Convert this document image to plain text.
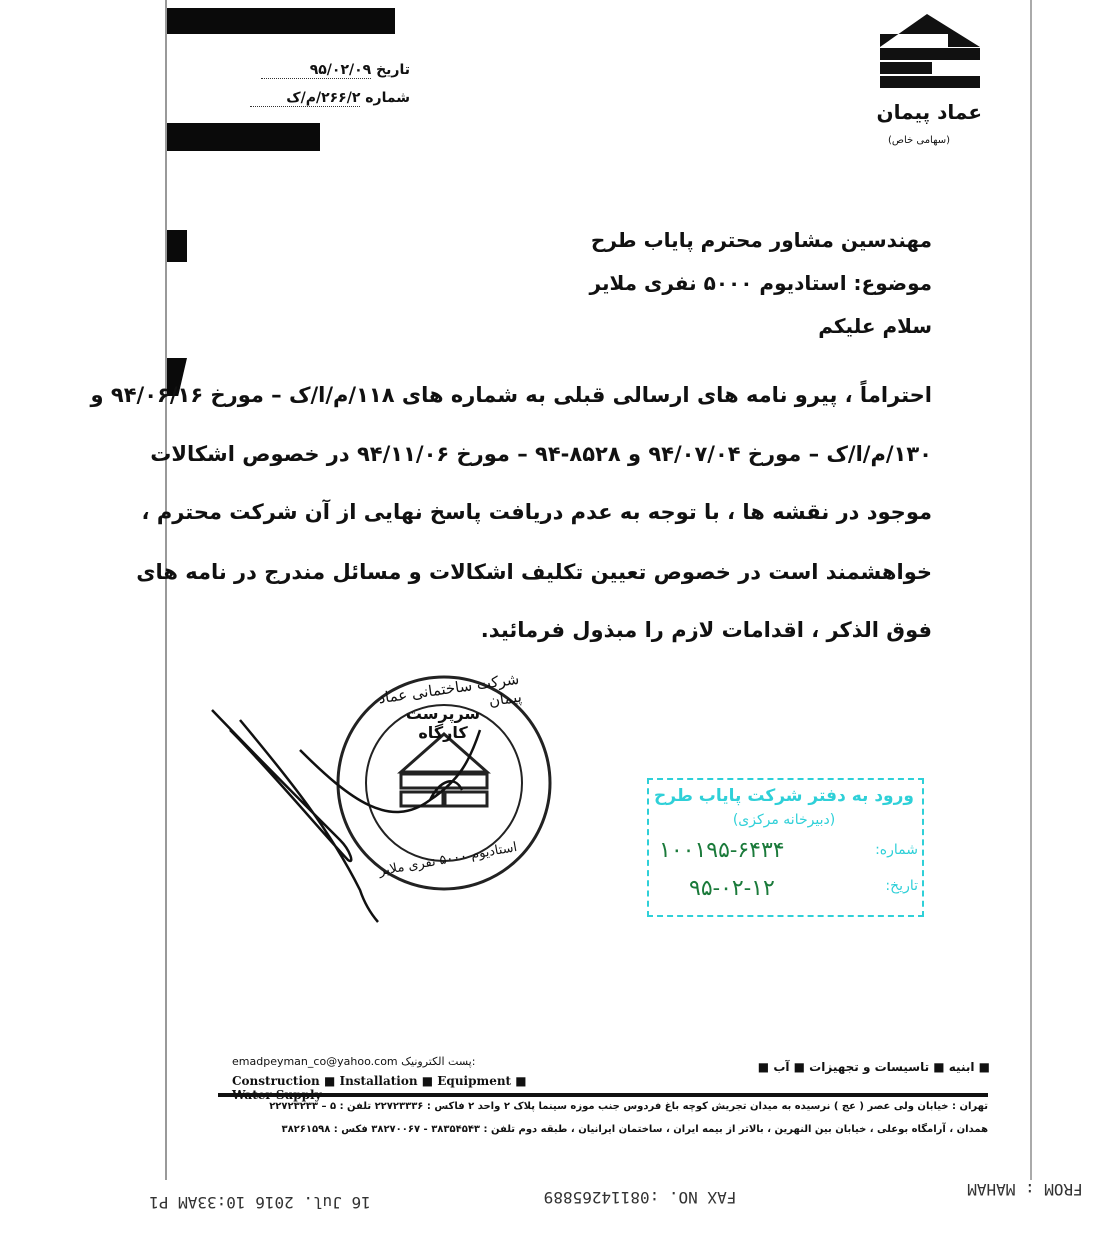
تاریخ ۹۵/۰۲/۰۹
شماره ۲۶۶/۲/م/ک
عماد پیمان
(سهامی خاص)
مهندسین مشاور محترم پایاب طرح
موضوع: استادیوم ۵۰۰۰ نفری ملایر
سلام علیکم
احتراماً ، پیرو نامه های ارسالی قبلی به شماره های ۱۱۸/م/ا/ک – مورخ ۹۴/۰۶/۱۶ و
۱۳۰/م/ا/ک – مورخ ۹۴/۰۷/۰۴ و ۸۵۲۸-۹۴ – مورخ ۹۴/۱۱/۰۶ در خصوص اشکالات
موجود در نقشه ها ، با توجه به عدم دریافت پاسخ نهایی از آن شرکت محترم ،
خواهشمند است در خصوص تعیین تکلیف اشکالات و مسائل مندرج در نامه های
فوق الذکر ، اقدامات لازم را مبذول فرمائید.
شرکت ساختمانی عماد پیمان
سرپرست کارگاه
استادیوم ۵۰۰۰ نفری ملایر
ورود به دفتر شرکت پایاب طرح
(دبیرخانه مرکزی)
شماره:
۱۰۰۱۹۵-۶۴۳۴
تاریخ:
۹۵-۰۲-۱۲
emadpeyman_co@yahoo.com پست الکترونیک:
Construction ■ Installation ■ Equipment ■
■ ابنیه ■ تاسیسات و تجهیزات ■ آب ■
تهران : خیابان ولی عصر ( عج ) نرسیده به میدان تجریش کوچه باغ فردوس جنب موزه سینما پلاک ۲ واحد ۲ فاکس : ۲۲۷۲۳۳۳۶ تلفن : ۵ – ۲۲۷۲۳۲۳۳
همدان ، آرامگاه بوعلی ، خیابان بین النهرین ، بالاتر از بیمه ایران ، ساختمان ایرانیان ، طبقه دوم تلفن : ۳۸۳۵۴۵۴۳ - ۳۸۲۷۰۰۶۷ فکس : ۳۸۲۶۱۵۹۸
16 Jul. 2016 10:33AM P1	FAX NO. :08114265889	FROM : MAHAM
